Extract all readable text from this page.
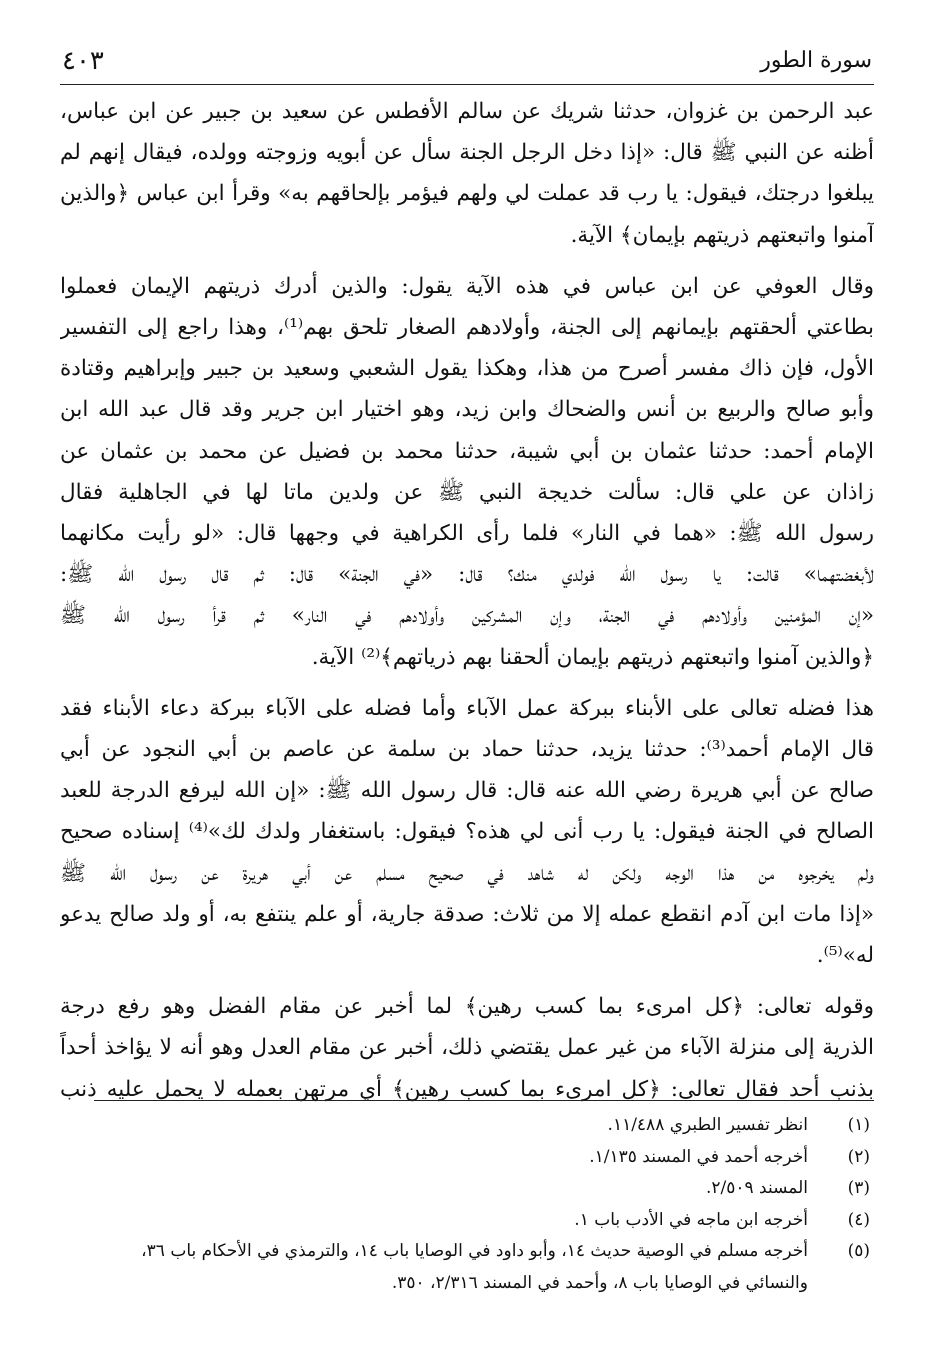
سورة الطور
٤٠٣
عبد الرحمن بن غزوان، حدثنا شريك عن سالم الأفطس عن سعيد بن جبير عن ابن عباس،
أظنه عن النبي ﷺ قال: «إذا دخل الرجل الجنة سأل عن أبويه وزوجته وولده، فيقال إنهم لم
يبلغوا درجتك، فيقول: يا رب قد عملت لي ولهم فيؤمر بإلحاقهم به» وقرأ ابن عباس ﴿والذين
آمنوا واتبعتهم ذريتهم بإيمان﴾ الآية.
وقال العوفي عن ابن عباس في هذه الآية يقول: والذين أدرك ذريتهم الإيمان فعملوا
بطاعتي ألحقتهم بإيمانهم إلى الجنة، وأولادهم الصغار تلحق بهم⁽¹⁾، وهذا راجع إلى التفسير
الأول، فإن ذاك مفسر أصرح من هذا، وهكذا يقول الشعبي وسعيد بن جبير وإبراهيم وقتادة
وأبو صالح والربيع بن أنس والضحاك وابن زيد، وهو اختيار ابن جرير وقد قال عبد الله ابن
الإمام أحمد: حدثنا عثمان بن أبي شيبة، حدثنا محمد بن فضيل عن محمد بن عثمان عن
زاذان عن علي قال: سألت خديجة النبي ﷺ عن ولدين ماتا لها في الجاهلية فقال
رسول الله ﷺ: «هما في النار» فلما رأى الكراهية في وجهها قال: «لو رأيت مكانهما
لأبغضتهما» قالت: يا رسول الله فولدي منك؟ قال: «في الجنة» قال: ثم قال رسول الله ﷺ:
«إن المؤمنين وأولادهم في الجنة، وإن المشركين وأولادهم في النار» ثم قرأ رسول الله ﷺ
﴿والذين آمنوا واتبعتهم ذريتهم بإيمان ألحقنا بهم ذرياتهم﴾⁽²⁾ الآية.
هذا فضله تعالى على الأبناء ببركة عمل الآباء وأما فضله على الآباء ببركة دعاء الأبناء فقد
قال الإمام أحمد⁽³⁾: حدثنا يزيد، حدثنا حماد بن سلمة عن عاصم بن أبي النجود عن أبي
صالح عن أبي هريرة رضي الله عنه قال: قال رسول الله ﷺ: «إن الله ليرفع الدرجة للعبد
الصالح في الجنة فيقول: يا رب أنى لي هذه؟ فيقول: باستغفار ولدك لك»⁽⁴⁾ إسناده صحيح
ولم يخرجوه من هذا الوجه ولكن له شاهد في صحيح مسلم عن أبي هريرة عن رسول الله ﷺ
«إذا مات ابن آدم انقطع عمله إلا من ثلاث: صدقة جارية، أو علم ينتفع به، أو ولد صالح يدعو
له»⁽⁵⁾.
وقوله تعالى: ﴿كل امرىء بما كسب رهين﴾ لما أخبر عن مقام الفضل وهو رفع درجة
الذرية إلى منزلة الآباء من غير عمل يقتضي ذلك، أخبر عن مقام العدل وهو أنه لا يؤاخذ أحداً
بذنب أحد فقال تعالى: ﴿كل امرىء بما كسب رهين﴾ أي مرتهن بعمله لا يحمل عليه ذنب
(١)
انظر تفسير الطبري ١١/٤٨٨.
(٢)
أخرجه أحمد في المسند ١/١٣٥.
(٣)
المسند ٢/٥٠٩.
(٤)
أخرجه ابن ماجه في الأدب باب ١.
(٥)
أخرجه مسلم في الوصية حديث ١٤، وأبو داود في الوصايا باب ١٤، والترمذي في الأحكام باب ٣٦،
والنسائي في الوصايا باب ٨، وأحمد في المسند ٢/٣١٦، ٣٥٠.
